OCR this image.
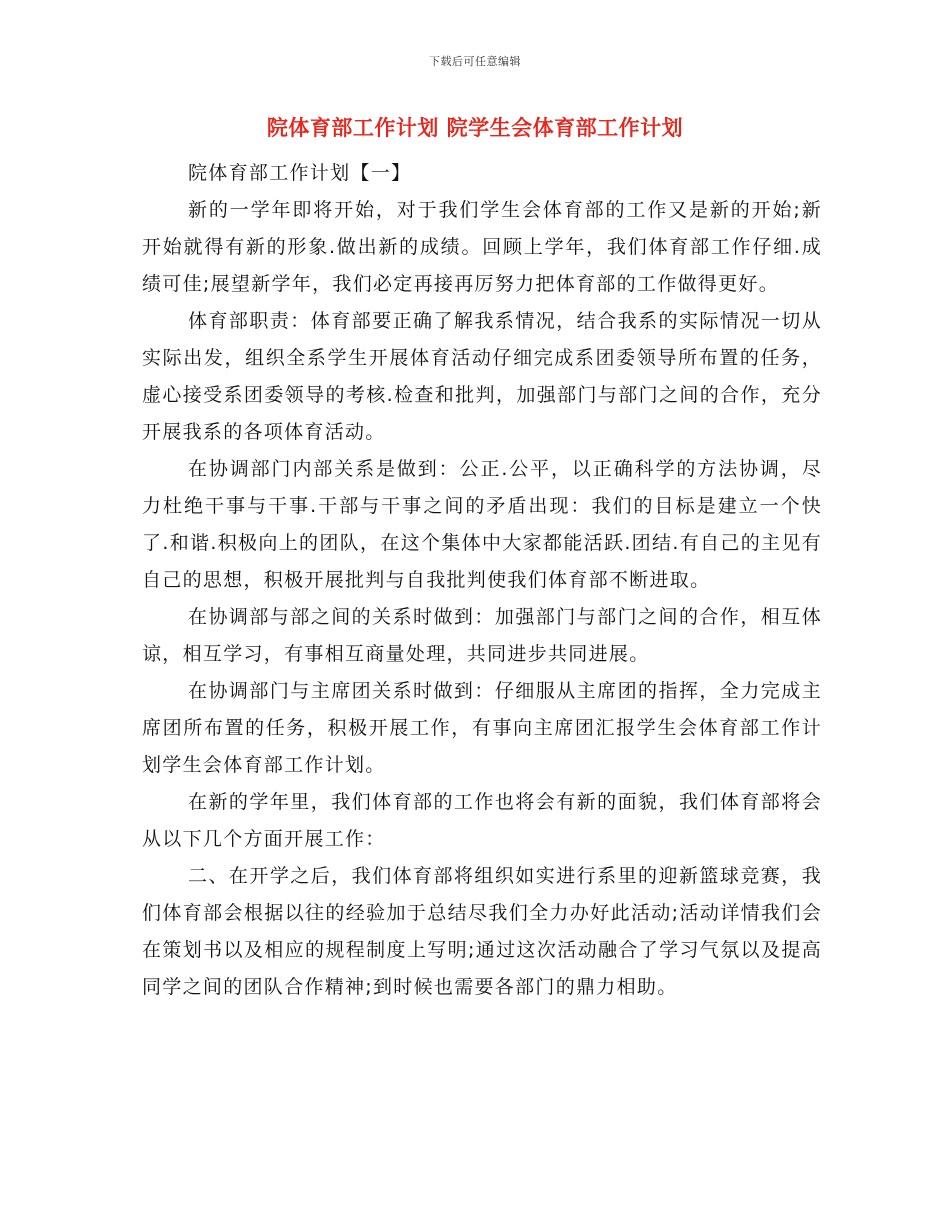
下载后可任意编辑
院体育部工作计划 院学生会体育部工作计划

院体育部工作计划【一】

新的一学年即将开始，对于我们学生会体育部的工作又是新的开始;新开始就得有新的形象.做出新的成绩。回顾上学年，我们体育部工作仔细.成绩可佳;展望新学年，我们必定再接再厉努力把体育部的工作做得更好。

体育部职责：体育部要正确了解我系情况，结合我系的实际情况一切从实际出发，组织全系学生开展体育活动仔细完成系团委领导所布置的任务，虚心接受系团委领导的考核.检查和批判，加强部门与部门之间的合作，充分开展我系的各项体育活动。

在协调部门内部关系是做到：公正.公平，以正确科学的方法协调，尽力杜绝干事与干事.干部与干事之间的矛盾出现：我们的目标是建立一个快了.和谐.积极向上的团队，在这个集体中大家都能活跃.团结.有自己的主见有自己的思想，积极开展批判与自我批判使我们体育部不断进取。

在协调部与部之间的关系时做到：加强部门与部门之间的合作，相互体谅，相互学习，有事相互商量处理，共同进步共同进展。

在协调部门与主席团关系时做到：仔细服从主席团的指挥，全力完成主席团所布置的任务，积极开展工作，有事向主席团汇报学生会体育部工作计划学生会体育部工作计划。

在新的学年里，我们体育部的工作也将会有新的面貌，我们体育部将会从以下几个方面开展工作：

二、在开学之后，我们体育部将组织如实进行系里的迎新篮球竞赛，我们体育部会根据以往的经验加于总结尽我们全力办好此活动;活动详情我们会在策划书以及相应的规程制度上写明;通过这次活动融合了学习气氛以及提高同学之间的团队合作精神;到时候也需要各部门的鼎力相助。
